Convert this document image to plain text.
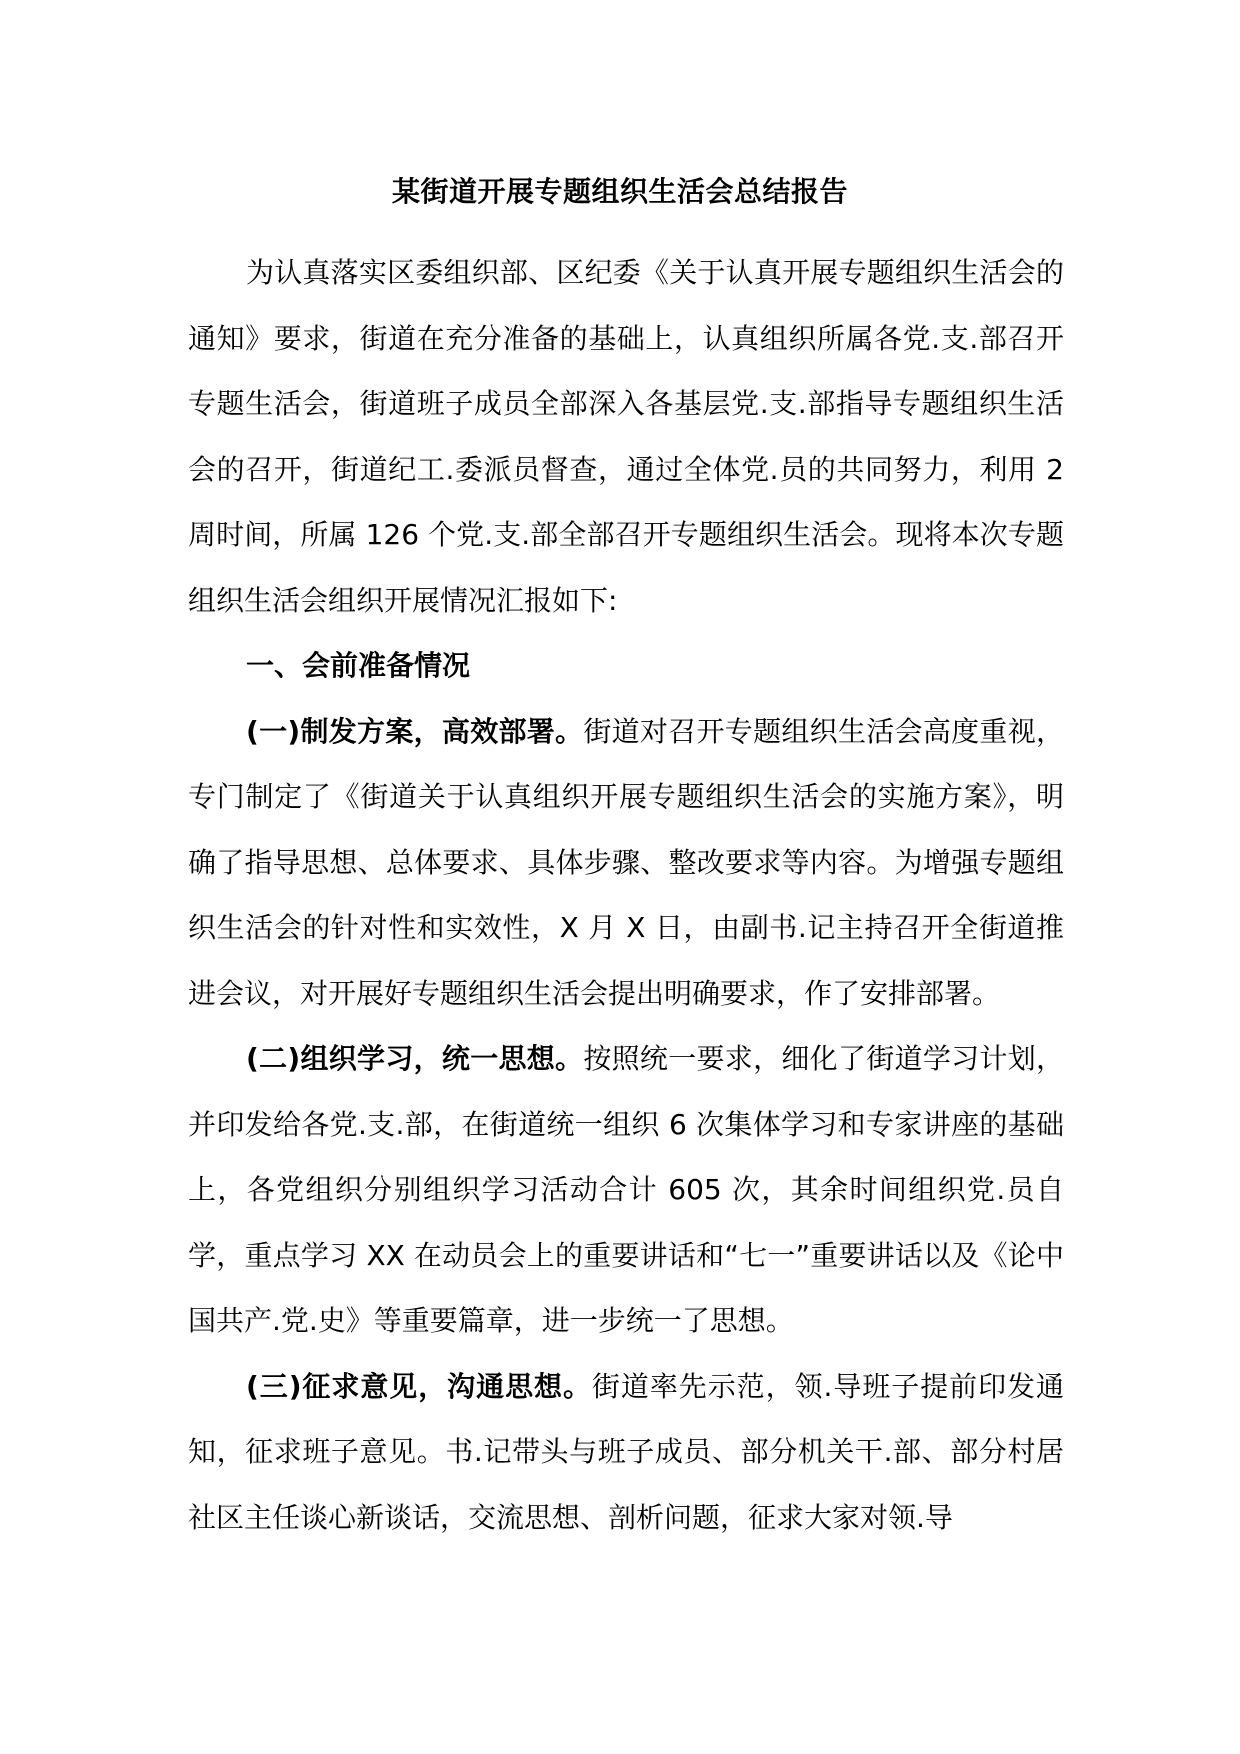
某街道开展专题组织生活会总结报告

为认真落实区委组织部、区纪委《关于认真开展专题组织生活会的通知》要求，街道在充分准备的基础上，认真组织所属各党.支.部召开专题生活会，街道班子成员全部深入各基层党.支.部指导专题组织生活会的召开，街道纪工.委派员督查，通过全体党.员的共同努力，利用 2 周时间，所属 126 个党.支.部全部召开专题组织生活会。现将本次专题组织生活会组织开展情况汇报如下:

一、会前准备情况

(一)制发方案，高效部署。街道对召开专题组织生活会高度重视，专门制定了《街道关于认真组织开展专题组织生活会的实施方案》，明确了指导思想、总体要求、具体步骤、整改要求等内容。为增强专题组织生活会的针对性和实效性，X 月 X 日，由副书.记主持召开全街道推进会议，对开展好专题组织生活会提出明确要求，作了安排部署。

(二)组织学习，统一思想。按照统一要求，细化了街道学习计划，并印发给各党.支.部，在街道统一组织 6 次集体学习和专家讲座的基础上，各党组织分别组织学习活动合计 605 次，其余时间组织党.员自学，重点学习 XX 在动员会上的重要讲话和“七一”重要讲话以及《论中国共产.党.史》等重要篇章，进一步统一了思想。

(三)征求意见，沟通思想。街道率先示范，领.导班子提前印发通知，征求班子意见。书.记带头与班子成员、部分机关干.部、部分村居社区主任谈心新谈话，交流思想、剖析问题，征求大家对领.导
